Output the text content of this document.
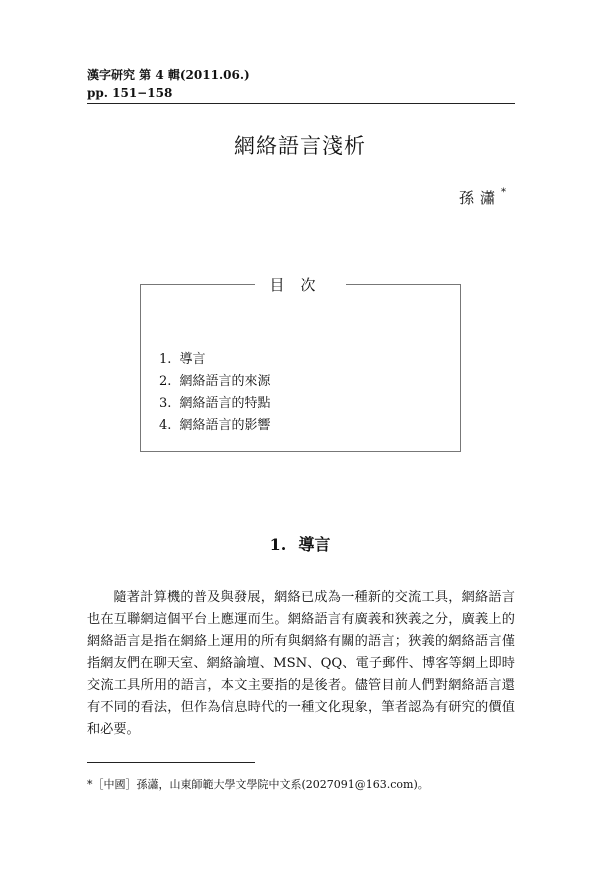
漢字研究 第 4 輯(2011.06.)
pp. 151−158
網絡語言淺析
孫瀟*
目次
1. 導言
2. 網絡語言的來源
3. 網絡語言的特點
4. 網絡語言的影響
1. 導言
隨著計算機的普及與發展，網絡已成為一種新的交流工具，網絡語言也在互聯網這個平台上應運而生。網絡語言有廣義和狹義之分，廣義上的網絡語言是指在網絡上運用的所有與網絡有關的語言；狹義的網絡語言僅指網友們在聊天室、網絡論壇、MSN、QQ、電子郵件、博客等網上即時交流工具所用的語言，本文主要指的是後者。儘管目前人們對網絡語言還有不同的看法，但作為信息時代的一種文化現象，筆者認為有研究的價值和必要。
*［中國］孫瀟，山東師範大學文學院中文系(2027091@163.com)。
